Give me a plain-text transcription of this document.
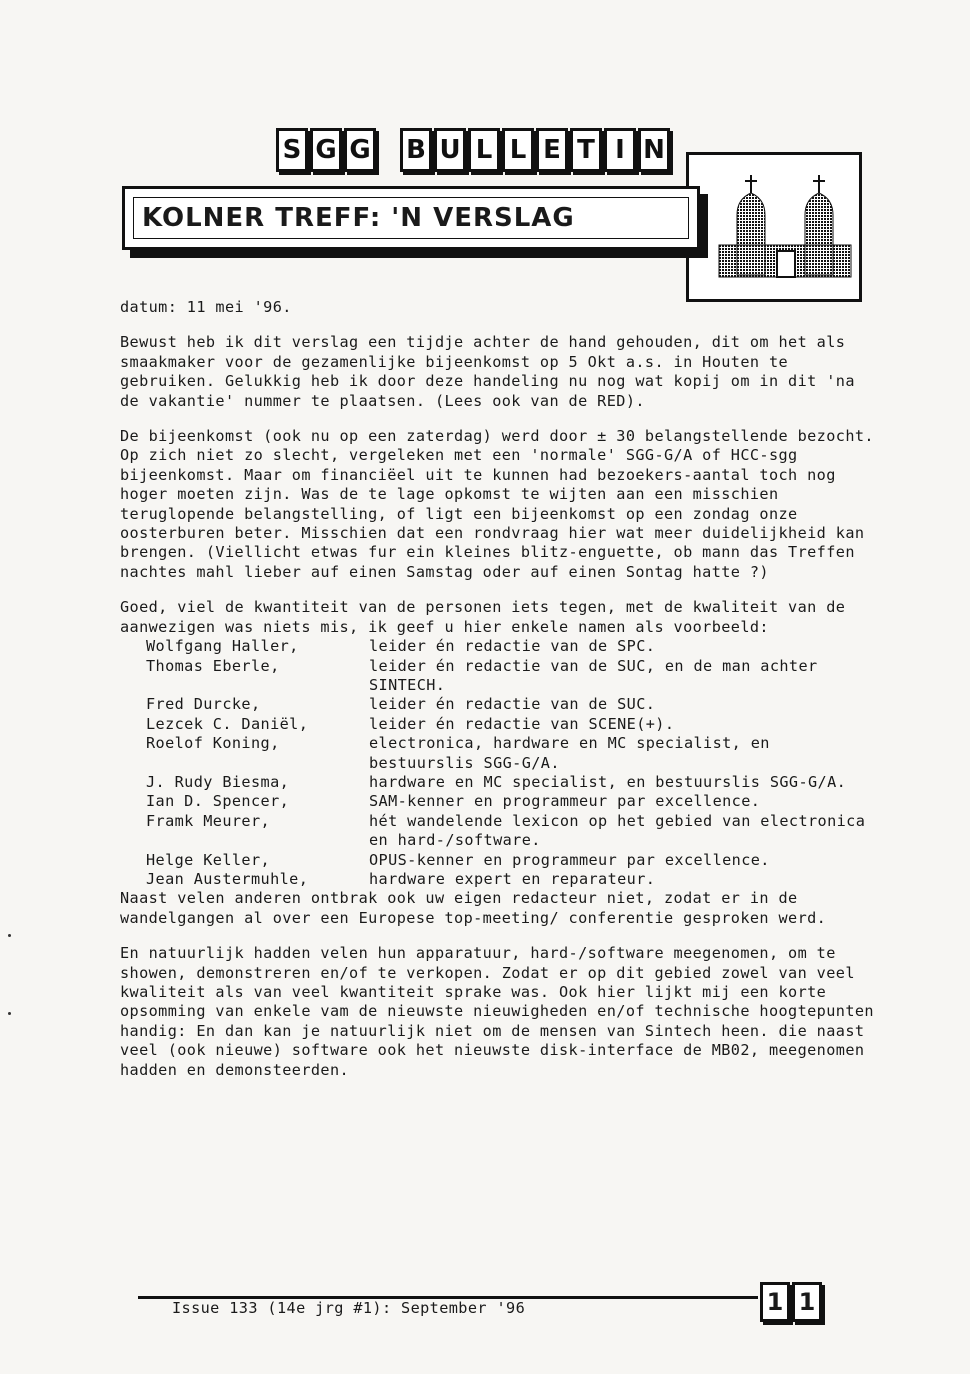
S G G B U L L E T I N
KOLNER TREFF: 'N VERSLAG

datum: 11 mei '96.

Bewust heb ik dit verslag een tijdje achter de hand gehouden, dit om het als smaakmaker voor de gezamenlijke bijeenkomst op 5 Okt a.s. in Houten te gebruiken. Gelukkig heb ik door deze handeling nu nog wat kopij om in dit 'na de vakantie' nummer te plaatsen. (Lees ook van de RED).

De bijeenkomst (ook nu op een zaterdag) werd door ± 30 belangstellende bezocht. Op zich niet zo slecht, vergeleken met een 'normale' SGG-G/A of HCC-sgg bijeenkomst. Maar om financiëel uit te kunnen had bezoekers-aantal toch nog hoger moeten zijn. Was de te lage opkomst te wijten aan een misschien teruglopende belangstelling, of ligt een bijeenkomst op een zondag onze oosterburen beter. Misschien dat een rondvraag hier wat meer duidelijkheid kan brengen. (Viellicht etwas fur ein kleines blitz-enguette, ob mann das Treffen nachtes mahl lieber auf einen Samstag oder auf einen Sontag hatte ?)

Goed, viel de kwantiteit van de personen iets tegen, met de kwaliteit van de aanwezigen was niets mis, ik geef u hier enkele namen als voorbeeld:

Wolfgang Haller,	leider én redactie van de SPC.
Thomas Eberle,	leider én redactie van de SUC, en de man achter SINTECH.
Fred Durcke,	leider én redactie van de SUC.
Lezcek C. Daniël,	leider én redactie van SCENE(+).
Roelof Koning,	electronica, hardware en MC specialist, en bestuurslis SGG-G/A.
J. Rudy Biesma,	hardware en MC specialist, en bestuurslis SGG-G/A.
Ian D. Spencer,	SAM-kenner en programmeur par excellence.
Framk Meurer,	hét wandelende lexicon op het gebied van electronica en hard-/software.
Helge Keller,	OPUS-kenner en programmeur par excellence.
Jean Austermuhle,	hardware expert en reparateur.

Naast velen anderen ontbrak ook uw eigen redacteur niet, zodat er in de wandelgangen al over een Europese top-meeting/ conferentie gesproken werd.

En natuurlijk hadden velen hun apparatuur, hard-/software meegenomen, om te showen, demonstreren en/of te verkopen. Zodat er op dit gebied zowel van veel kwaliteit als van veel kwantiteit sprake was. Ook hier lijkt mij een korte opsomming van enkele vam de nieuwste nieuwigheden en/of technische hoogtepunten handig: En dan kan je natuurlijk niet om de mensen van Sintech heen. die naast veel (ook nieuwe) software ook het nieuwste disk-interface de MB02, meegenomen hadden en demonsteerden.

Issue 133 (14e jrg #1): September '96	1 1
